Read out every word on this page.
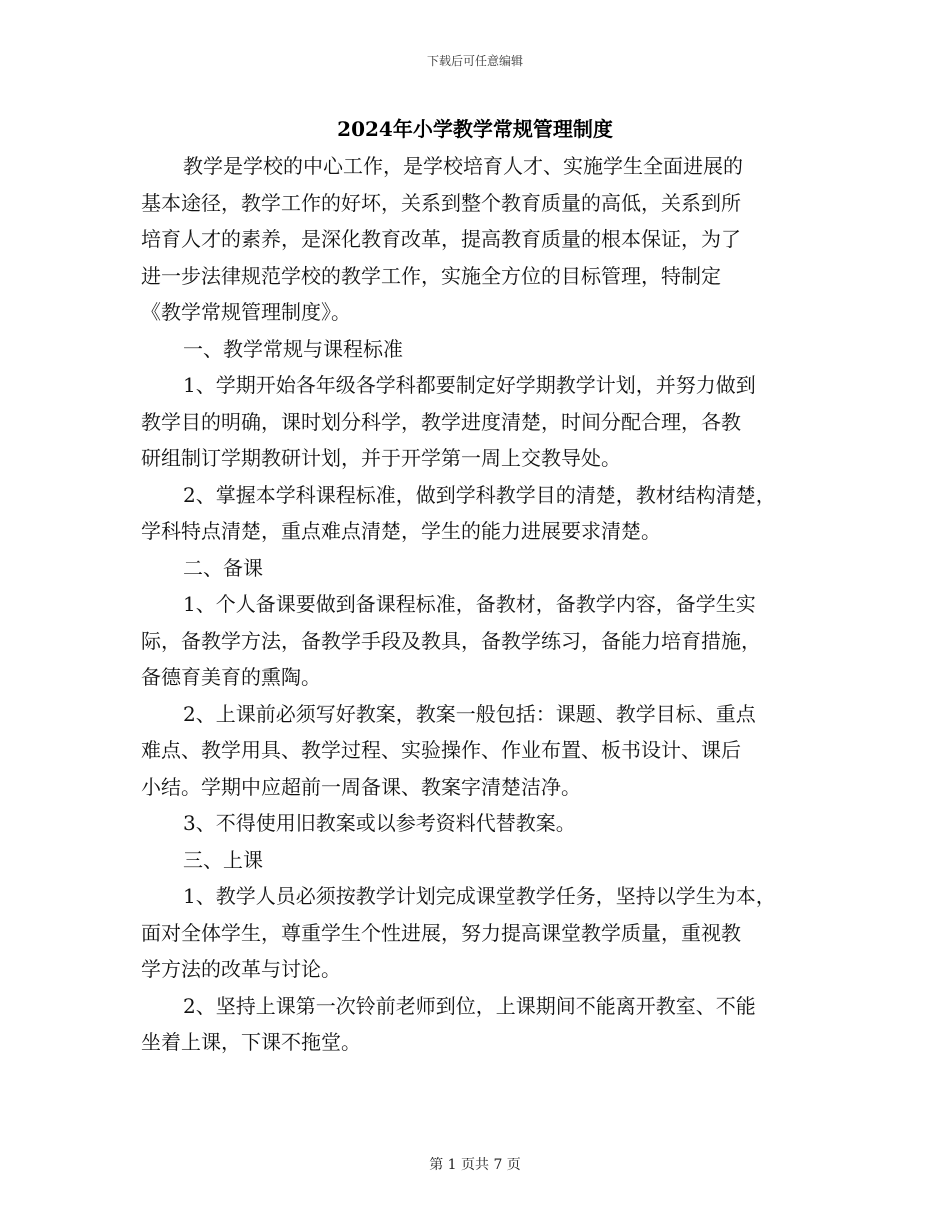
下载后可任意编辑
2024年小学教学常规管理制度
教学是学校的中心工作，是学校培育人才、实施学生全面进展的
基本途径，教学工作的好坏，关系到整个教育质量的高低，关系到所
培育人才的素养，是深化教育改革，提高教育质量的根本保证，为了
进一步法律规范学校的教学工作，实施全方位的目标管理，特制定
《教学常规管理制度》。
一、教学常规与课程标准
1、学期开始各年级各学科都要制定好学期教学计划，并努力做到
教学目的明确，课时划分科学，教学进度清楚，时间分配合理，各教
研组制订学期教研计划，并于开学第一周上交教导处。
2、掌握本学科课程标准，做到学科教学目的清楚，教材结构清楚，
学科特点清楚，重点难点清楚，学生的能力进展要求清楚。
二、备课
1、个人备课要做到备课程标准，备教材，备教学内容，备学生实
际，备教学方法，备教学手段及教具，备教学练习，备能力培育措施，
备德育美育的熏陶。
2、上课前必须写好教案，教案一般包括：课题、教学目标、重点
难点、教学用具、教学过程、实验操作、作业布置、板书设计、课后
小结。学期中应超前一周备课、教案字清楚洁净。
3、不得使用旧教案或以参考资料代替教案。
三、上课
1、教学人员必须按教学计划完成课堂教学任务，坚持以学生为本，
面对全体学生，尊重学生个性进展，努力提高课堂教学质量，重视教
学方法的改革与讨论。
2、坚持上课第一次铃前老师到位，上课期间不能离开教室、不能
坐着上课，下课不拖堂。
第 1 页共 7 页
